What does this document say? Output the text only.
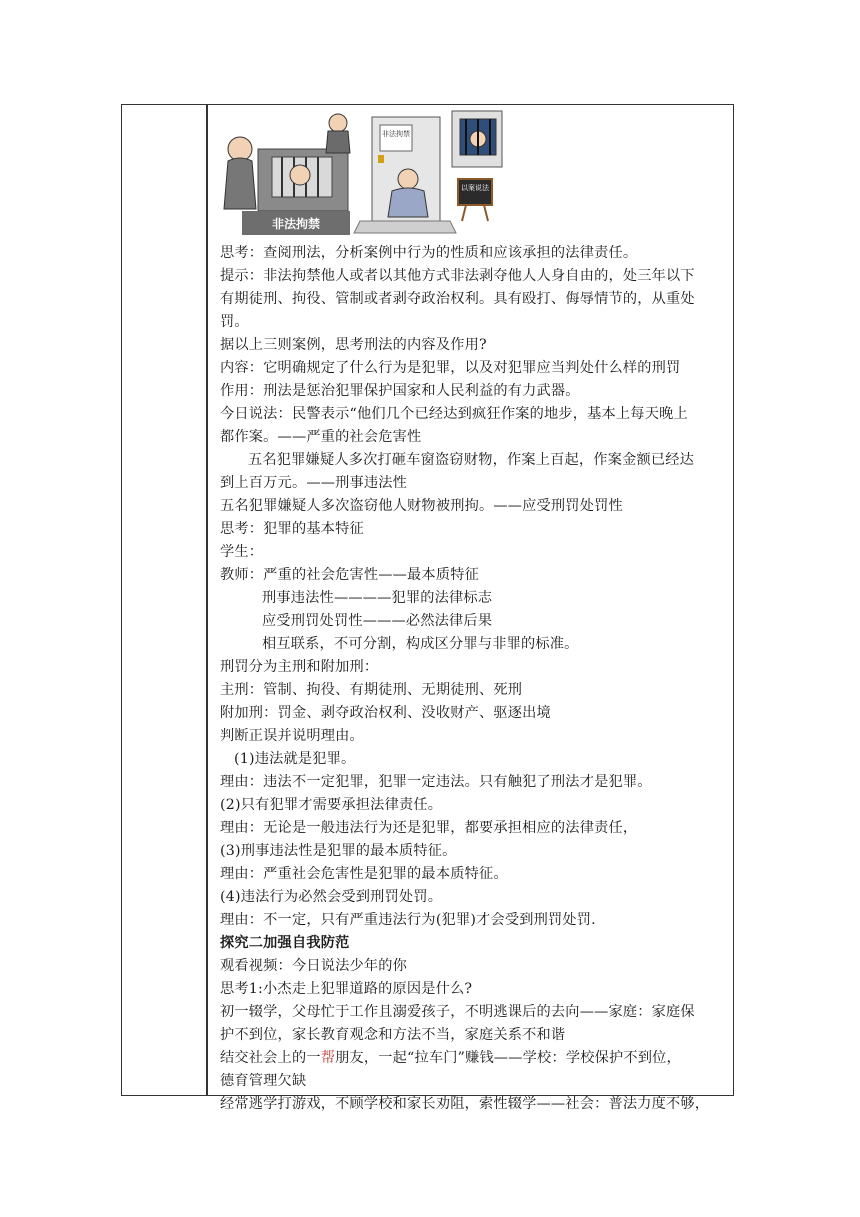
非法拘禁
非法拘禁
以案说法
思考：查阅刑法，分析案例中行为的性质和应该承担的法律责任。
提示：非法拘禁他人或者以其他方式非法剥夺他人人身自由的，处三年以下
有期徒刑、拘役、管制或者剥夺政治权利。具有殴打、侮辱情节的，从重处
罚。
据以上三则案例，思考刑法的内容及作用?
内容：它明确规定了什么行为是犯罪，以及对犯罪应当判处什么样的刑罚
作用：刑法是惩治犯罪保护国家和人民利益的有力武器。
今日说法：民警表示“他们几个已经达到疯狂作案的地步，基本上每天晚上
都作案。——严重的社会危害性
五名犯罪嫌疑人多次打砸车窗盗窃财物，作案上百起，作案金额已经达
到上百万元。——刑事违法性
五名犯罪嫌疑人多次盗窃他人财物被刑拘。——应受刑罚处罚性
思考：犯罪的基本特征
学生：
教师：严重的社会危害性——最本质特征
刑事违法性————犯罪的法律标志
应受刑罚处罚性———必然法律后果
相互联系，不可分割，构成区分罪与非罪的标准。
刑罚分为主刑和附加刑：
主刑：管制、拘役、有期徒刑、无期徒刑、死刑
附加刑：罚金、剥夺政治权利、没收财产、驱逐出境
判断正误并说明理由。
(1)违法就是犯罪。
理由：违法不一定犯罪，犯罪一定违法。只有触犯了刑法才是犯罪。
(2)只有犯罪才需要承担法律责任。
理由：无论是一般违法行为还是犯罪，都要承担相应的法律责任，
(3)刑事违法性是犯罪的最本质特征。
理由：严重社会危害性是犯罪的最本质特征。
(4)违法行为必然会受到刑罚处罚。
理由：不一定，只有严重违法行为(犯罪)才会受到刑罚处罚.
探究二加强自我防范
观看视频：今日说法少年的你
思考1:小杰走上犯罪道路的原因是什么?
初一辍学，父母忙于工作且溺爱孩子，不明逃课后的去向——家庭：家庭保
护不到位，家长教育观念和方法不当，家庭关系不和谐
结交社会上的一帮朋友，一起“拉车门”赚钱——学校：学校保护不到位，
德育管理欠缺
经常逃学打游戏，不顾学校和家长劝阻，索性辍学——社会：普法力度不够，
